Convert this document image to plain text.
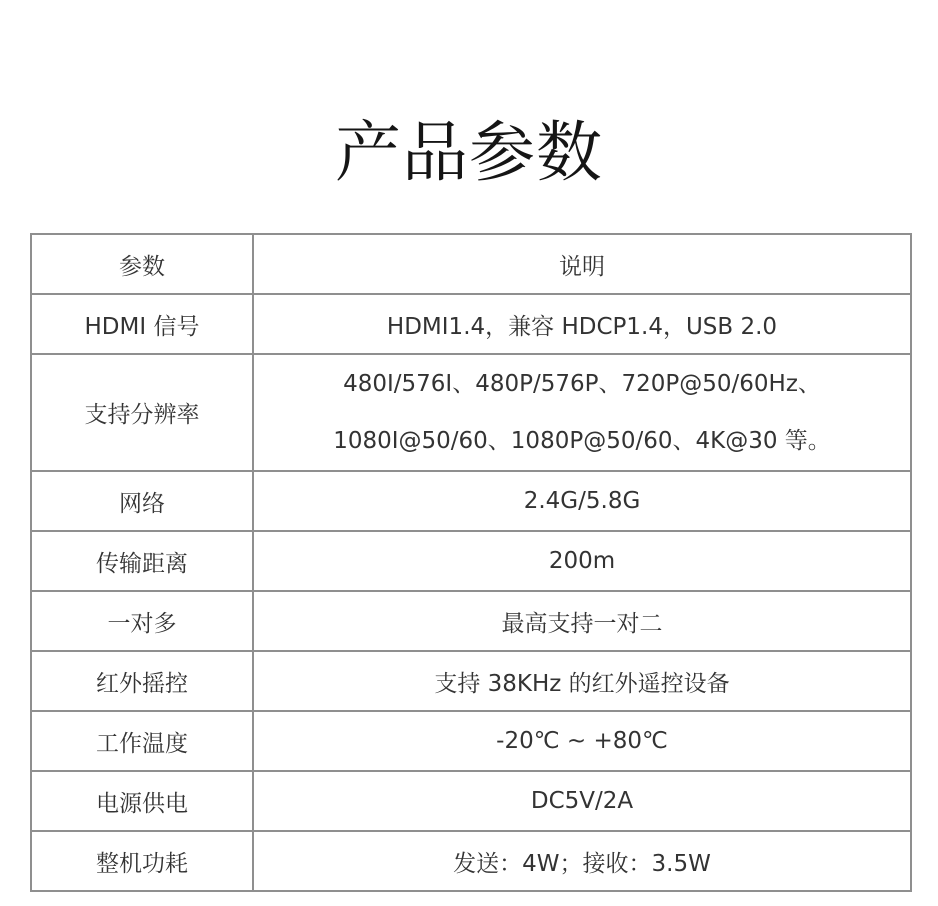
产品参数
参数	说明
HDMI 信号	HDMI1.4，兼容 HDCP1.4，USB 2.0
支持分辨率	480I/576I、480P/576P、720P@50/60Hz、
1080I@50/60、1080P@50/60、4K@30 等。

网络	2.4G/5.8G
传输距离	200m
一对多	最高支持一对二
红外摇控	支持 38KHz 的红外遥控设备
工作温度	-20℃ ~ +80℃
电源供电	DC5V/2A
整机功耗	发送：4W；接收：3.5W
